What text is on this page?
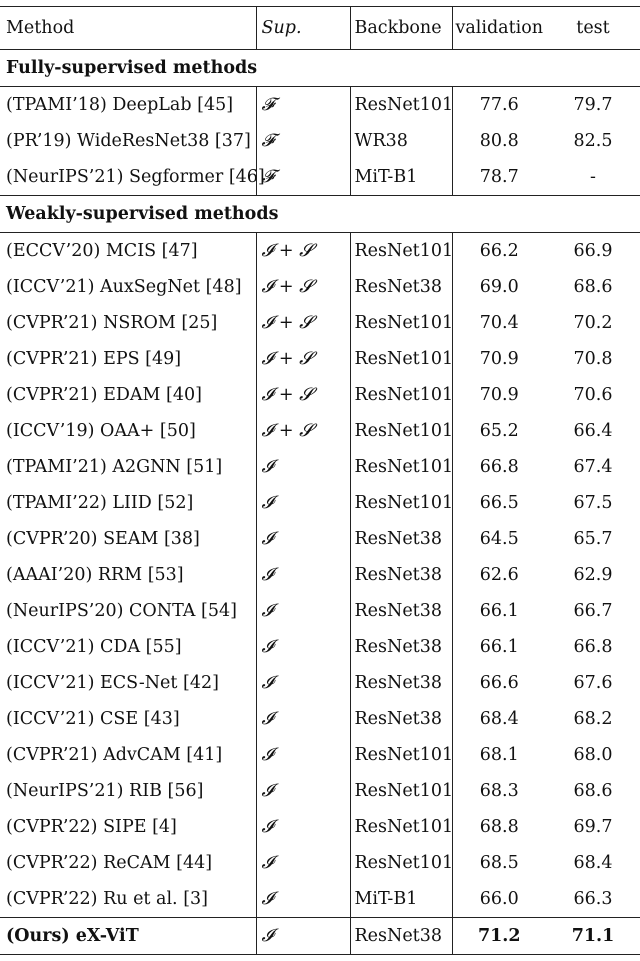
Method	Sup.	Backbone	validation	test
Fully-supervised methods				
(TPAMI’18) DeepLab [45]	𝓕	ResNet101	77.6	79.7
(PR’19) WideResNet38 [37]	𝓕	WR38	80.8	82.5
(NeurIPS’21) Segformer [46]	𝓕	MiT-B1	78.7	-
Weakly-supervised methods				
(ECCV’20) MCIS [47]	𝓘 + 𝓢	ResNet101	66.2	66.9
(ICCV’21) AuxSegNet [48]	𝓘 + 𝓢	ResNet38	69.0	68.6
(CVPR’21) NSROM [25]	𝓘 + 𝓢	ResNet101	70.4	70.2
(CVPR’21) EPS [49]	𝓘 + 𝓢	ResNet101	70.9	70.8
(CVPR’21) EDAM [40]	𝓘 + 𝓢	ResNet101	70.9	70.6
(ICCV’19) OAA+ [50]	𝓘 + 𝓢	ResNet101	65.2	66.4
(TPAMI’21) A2GNN [51]	𝓘	ResNet101	66.8	67.4
(TPAMI’22) LIID [52]	𝓘	ResNet101	66.5	67.5
(CVPR’20) SEAM [38]	𝓘	ResNet38	64.5	65.7
(AAAI’20) RRM [53]	𝓘	ResNet38	62.6	62.9
(NeurIPS’20) CONTA [54]	𝓘	ResNet38	66.1	66.7
(ICCV’21) CDA [55]	𝓘	ResNet38	66.1	66.8
(ICCV’21) ECS-Net [42]	𝓘	ResNet38	66.6	67.6
(ICCV’21) CSE [43]	𝓘	ResNet38	68.4	68.2
(CVPR’21) AdvCAM [41]	𝓘	ResNet101	68.1	68.0
(NeurIPS’21) RIB [56]	𝓘	ResNet101	68.3	68.6
(CVPR’22) SIPE [4]	𝓘	ResNet101	68.8	69.7
(CVPR’22) ReCAM [44]	𝓘	ResNet101	68.5	68.4
(CVPR’22) Ru et al. [3]	𝓘	MiT-B1	66.0	66.3
(Ours) eX-ViT	𝓘	ResNet38	71.2	71.1
